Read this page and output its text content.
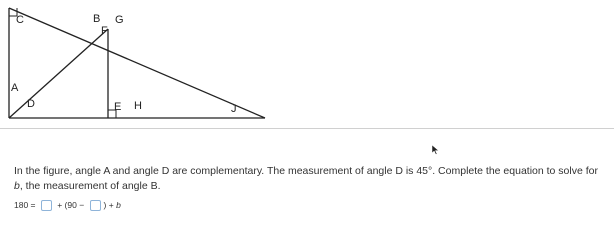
C	B G
F
A
D	E H	J
In the figure, angle A and angle D are complementary. The measurement of angle D is 45°. Complete the equation to solve for b, the measurement of angle B.
180 = + (90 − ) + b
